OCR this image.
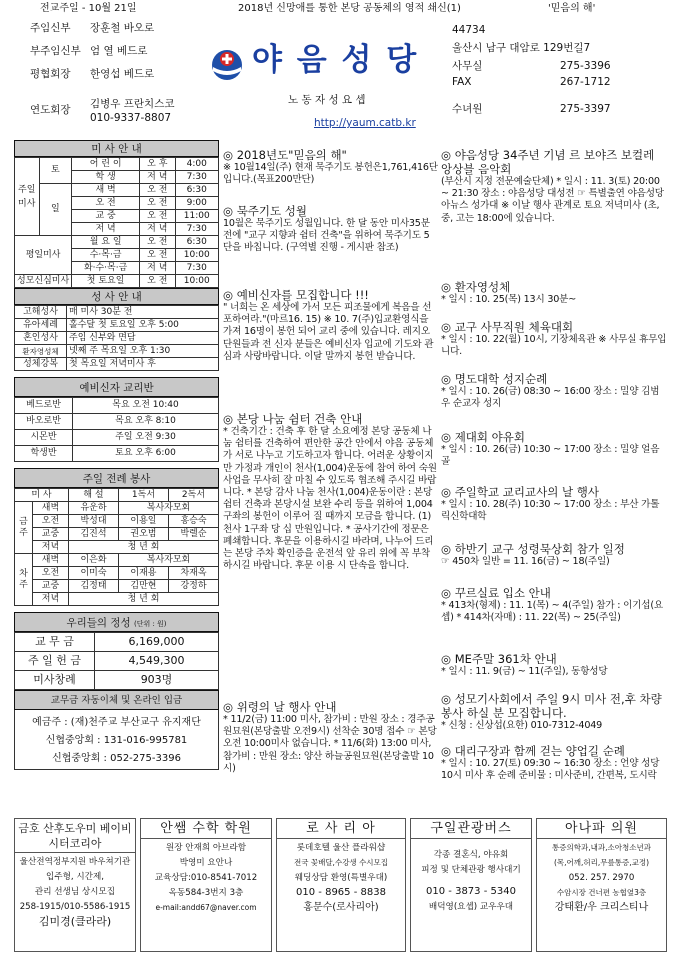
전교주일 - 10월 21일	2018년 신망애를 통한 본당 공동체의 영적 쇄신(1)	'믿음의 해'
주임신부 장훈철 바오로
부주임신부 엄 열 베드로
평협회장 한영섭 베드로
연도회장 김병우 프란치스코
010-9337-8807
야 음 성 당
노 동 자 성 요 셉
http://yaum.catb.kr
44734
울산시 남구 대암로 129번길7
사무실	275-3396
FAX	267-1712
수녀원	275-3397
미 사 안 내
주일미사	토	어 린 이	오 후	4:00
		학 생	저 녁	7:30
	일	새 벽	오 전	6:30
		오 전	오 전	9:00
		교 중	오 전	11:00
		저 녁	저 녁	7:30
평일미사		월 요 일	오 전	6:30
		수·목·금	오 전	10:00
		화·수·목·금	저 녁	7:30
성모신심미사		첫 토요일	오 전	10:00
성 사 안 내
고해성사	매 미사 30분 전
유아세례	홀수달 첫 토요일 오후 5:00
혼인성사	주임 신부와 면담
환자영성체	넷째 주 목요일 오후 1:30
성체강복	첫 목요일 저녁미사 후
예비신자 교리반
베드로반	목요 오전 10:40
바오로반	목요 오후 8:10
시몬반	주일 오전 9:30
학생반	토요 오후 6:00
주일 전례 봉사
미 사		해 설	1독서	2독서
금 주	새벽	유운하	복사자모회	
	오전	박성대	이용일	홍승숙
	교중	김진석	권오범	박렐순
	저녁	청 년 회		
차 주	새벽	이은화	복사자모회	
	오전	이미숙	이재용	차재옥
	교중	김정태	김만현	강정하
	저녁	청 년 회		
우리들의 정성 (단위 : 원)
교 무 금	6,169,000
주 일 헌 금	4,549,300
미사창례	903명
교무금 자동이체 및 온라인 입금
예금주 : (재)천주교 부산교구 유지재단
신협중앙회 : 131-016-995781
신협중앙회 : 052-275-3396
◎ 2018년도"믿음의 해"

※ 10월14일(주) 현재 묵주기도 봉헌은1,761,416단입니다.(목표200만단)

◎ 묵주기도 성월

10월은 묵주기도 성월입니다. 한 달 동안 미사35분전에 "교구 지향과 쉼터 건축"을 위하여 묵주기도 5단을 바칩니다. (구역별 진행 - 게시판 참조)

◎ 예비신자를 모집합니다 !!!

" 너희는 온 세상에 가서 모든 피조물에게 복음을 선포하여라."(마르16. 15) ※ 10. 7(주)입교환영식을 가져 16명이 봉헌 되어 교리 중에 있습니다. 레지오 단원들과 전 신자 분들은 예비신자 입교에 기도와 관심과 사랑바랍니다. 이달 말까지 봉헌 받습니다.

◎ 본당 나눔 쉼터 건축 안내

* 건축기간 : 건축 후 한 달 소요예정 본당 공동체 나눔 쉼터를 건축하여 편안한 공간 안에서 야음 공동체가 서로 나누고 기도하고자 합니다. 어려운 상황이지만 가정과 개인이 천사(1,004)운동에 참여 하여 숙원사업을 무사히 잘 마칠 수 있도록 협조해 주시길 바랍니다. * 본당 감사 나눔 천사(1,004)운동이란 : 본당 쉼터 건축과 본당시설 보완 수리 등을 위하여 1,004구좌의 봉헌이 이루어 질 때까지 모금을 합니다. (1)천사 1구좌 당 십 만원입니다. * 공사기간에 정문은 폐쇄합니다. 후문을 이용하시길 바라며, 나누어 드리는 본당 주차 확인증을 운전석 앞 유리 위에 꼭 부착하시길 바랍니다. 후문 이용 시 단속을 합니다.

◎ 위령의 날 행사 안내

* 11/2(금) 11:00 미사, 참가비 : 만원 장소 : 경주공원묘원(본당출발 오전9시) 선착순 30명 접수 ☞ 본당 오전 10:00미사 없습니다. * 11/6(화) 13:00 미사, 참가비 : 만원 장소: 양산 하늘공원묘원(본당출발 10시)

◎ 야음성당 34주년 기념 르 보야즈 보컬레 앙상블 음악회

(부산시 지정 전문예술단체) * 일시 : 11. 3(토) 20:00 ~ 21:30 장소 : 야음성당 대성전 ☞ 특별출연 야음성당 아뉴스 성가대 ※ 이날 행사 관계로 토요 저녁미사 (초, 중, 고는 18:00에 있습니다.

◎ 환자영성체

* 일시 : 10. 25(목) 13시 30분~

◎ 교구 사무직원 체육대회

* 일시 : 10. 22(월) 10시, 기장체육관 ※ 사무실 휴무입니다.

◎ 명도대학 성지순례

* 일시 : 10. 26(금) 08:30 ~ 16:00 장소 : 밀양 김범우 순교자 성지

◎ 제대회 야유회

* 일시 : 10. 26(금) 10:30 ~ 17:00 장소 : 밀양 얼음골

◎ 주일학교 교리교사의 날 행사

* 일시 : 10. 28(주) 10:30 ~ 17:00 장소 : 부산 가톨릭신학대학

◎ 하반기 교구 성령묵상회 참가 일정

☞ 450차 일반 = 11. 16(금) ~ 18(주일)

◎ 꾸르실료 입소 안내

* 413차(형제) : 11. 1(목) ~ 4(주일) 참가 : 이기섭(요셉) * 414차(자매) : 11. 22(목) ~ 25(주일)

◎ ME주말 361차 안내

* 일시 : 11. 9(금) ~ 11(주일), 동항성당

◎ 성모기사회에서 주일 9시 미사 전,후 차량봉사 하실 분 모집합니다.

* 신청 : 신상섭(요한) 010-7312-4049

◎ 대리구장과 함께 걷는 양업길 순례

* 일시 : 10. 27(토) 09:30 ~ 16:30 장소 : 언양 성당 10시 미사 후 순례 준비물 : 미사준비, 간편복, 도시락

금호 산후도우미 베이비시터코리아

울산전역정부지원 바우쳐기관

입주형, 시간제,

관리 선생님 상시모집

258-1915/010-5586-1915

김미경(클라라)

안쌤 수학 학원

원장 안재희 아브라함

박영미 요안나

교육상담:010-8541-7012

옥동584-3번지 3층

e-mail:andd67@naver.com

로 사 리 아

롯데호텔 울산 플라워샵

전국 꽃배달,수강생 수시모집

웨딩상담 환영(특별우대)

010 - 8965 - 8838

홍문수(로사리아)

구일관광버스

각종 결혼식, 야유회

피정 및 단체관광 행사대기

010 - 3873 - 5340

배덕영(요셉) 교우우대

아나파 의원

통증의학과,내과,소아청소년과

(목,어깨,허리,무릎통증,교정)

052. 257. 2970

수암시장 건너편 농협옆3층

강태환/우 크리스티나
